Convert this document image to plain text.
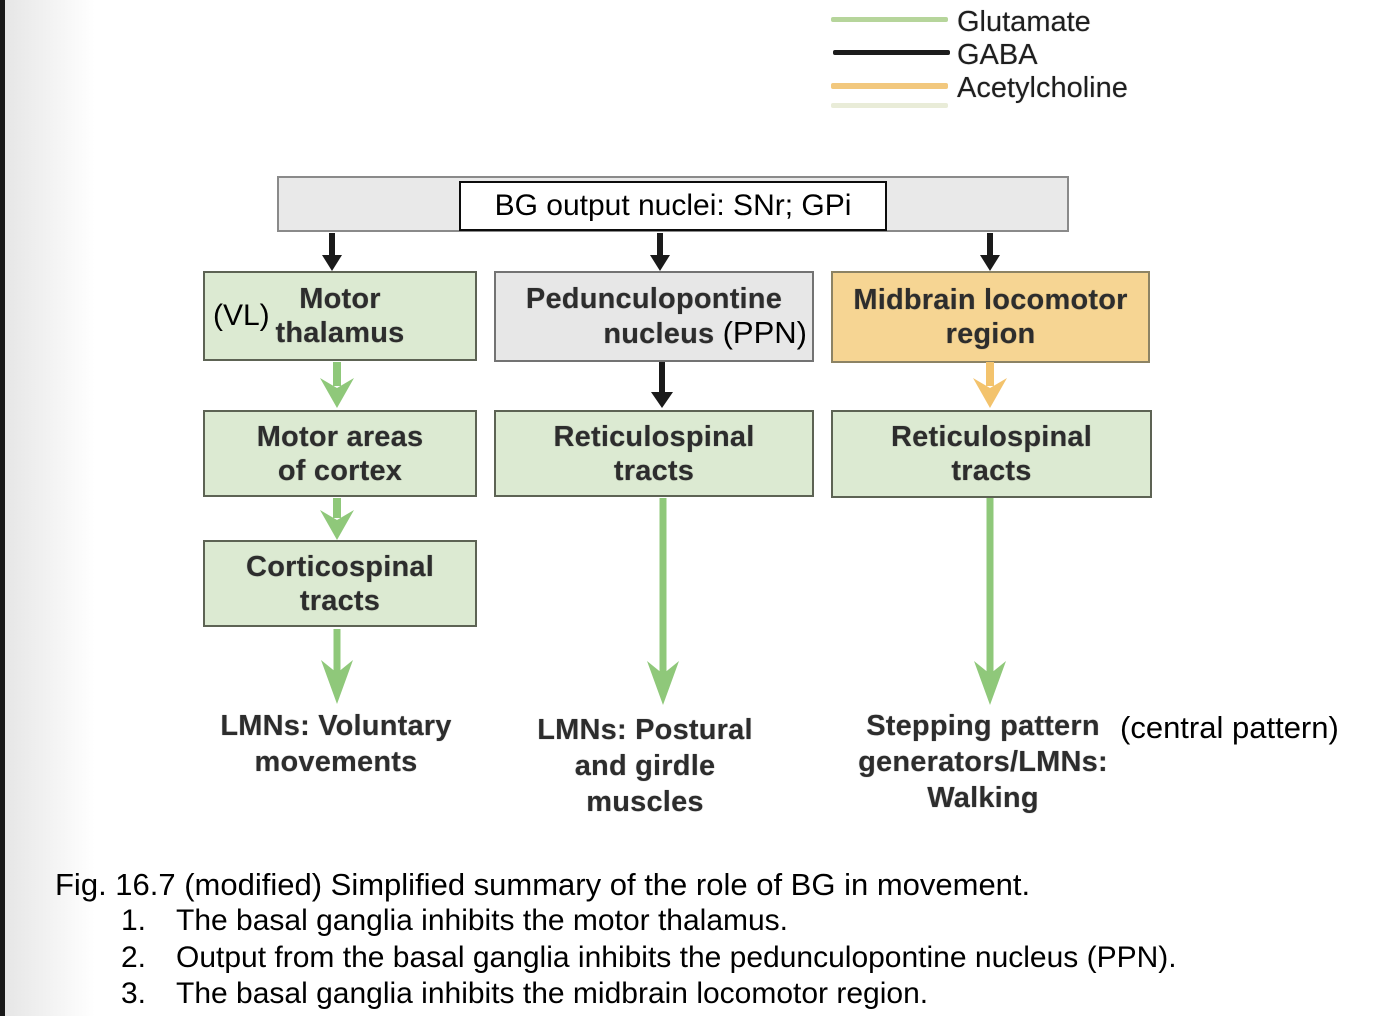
Glutamate
GABA
Acetylcholine
BG output nuclei: SNr; GPi
(VL) Motor
thalamus
Pedunculopontine
nucleus (PPN)
Midbrain locomotor
region
Motor areas
of cortex
Reticulospinal
tracts
Reticulospinal
tracts
Corticospinal
tracts
LMNs: Voluntary
movements
LMNs: Postural
and girdle
muscles
Stepping pattern
generators/LMNs:
Walking
(central pattern)
Fig. 16.7 (modified) Simplified summary of the role of BG in movement.
1. The basal ganglia inhibits the motor thalamus.
2. Output from the basal ganglia inhibits the pedunculopontine nucleus (PPN).
3. The basal ganglia inhibits the midbrain locomotor region.
